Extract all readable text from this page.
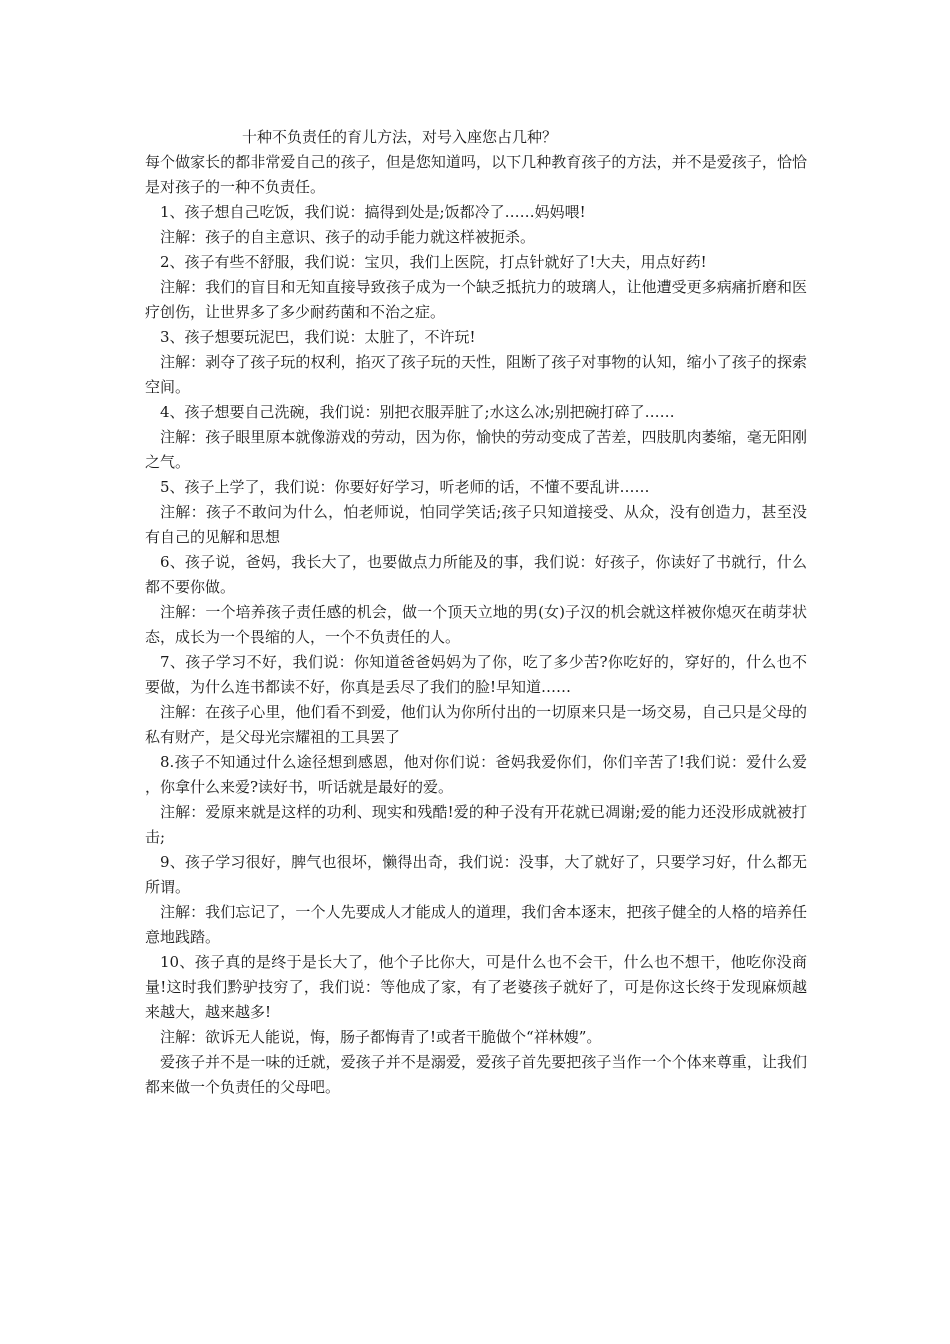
十种不负责任的育儿方法，对号入座您占几种？

每个做家长的都非常爱自己的孩子，但是您知道吗，以下几种教育孩子的方法，并不是爱孩子，恰恰是对孩子的一种不负责任。

1、孩子想自己吃饭，我们说：搞得到处是;饭都冷了……妈妈喂!

注解：孩子的自主意识、孩子的动手能力就这样被扼杀。

2、孩子有些不舒服，我们说：宝贝，我们上医院，打点针就好了!大夫，用点好药!

注解：我们的盲目和无知直接导致孩子成为一个缺乏抵抗力的玻璃人，让他遭受更多病痛折磨和医疗创伤，让世界多了多少耐药菌和不治之症。

3、孩子想要玩泥巴，我们说：太脏了，不许玩!

注解：剥夺了孩子玩的权利，掐灭了孩子玩的天性，阻断了孩子对事物的认知，缩小了孩子的探索空间。

4、孩子想要自己洗碗，我们说：别把衣服弄脏了;水这么冰;别把碗打碎了……

注解：孩子眼里原本就像游戏的劳动，因为你，愉快的劳动变成了苦差，四肢肌肉萎缩，毫无阳刚之气。

5、孩子上学了，我们说：你要好好学习，听老师的话，不懂不要乱讲……

注解：孩子不敢问为什么，怕老师说，怕同学笑话;孩子只知道接受、从众，没有创造力，甚至没有自己的见解和思想

6、孩子说，爸妈，我长大了，也要做点力所能及的事，我们说：好孩子，你读好了书就行，什么都不要你做。

注解：一个培养孩子责任感的机会，做一个顶天立地的男(女)子汉的机会就这样被你熄灭在萌芽状态，成长为一个畏缩的人，一个不负责任的人。

7、孩子学习不好，我们说：你知道爸爸妈妈为了你，吃了多少苦?你吃好的，穿好的，什么也不要做，为什么连书都读不好，你真是丢尽了我们的脸!早知道……

注解：在孩子心里，他们看不到爱，他们认为你所付出的一切原来只是一场交易，自己只是父母的私有财产，是父母光宗耀祖的工具罢了

8.孩子不知通过什么途径想到感恩，他对你们说：爸妈我爱你们，你们辛苦了!我们说：爱什么爱，你拿什么来爱?读好书，听话就是最好的爱。

注解：爱原来就是这样的功利、现实和残酷!爱的种子没有开花就已凋谢;爱的能力还没形成就被打击;

9、孩子学习很好，脾气也很坏，懒得出奇，我们说：没事，大了就好了，只要学习好，什么都无所谓。

注解：我们忘记了，一个人先要成人才能成人的道理，我们舍本逐末，把孩子健全的人格的培养任意地践踏。

10、孩子真的是终于是长大了，他个子比你大，可是什么也不会干，什么也不想干，他吃你没商量!这时我们黔驴技穷了，我们说：等他成了家，有了老婆孩子就好了，可是你这长终于发现麻烦越来越大，越来越多!

注解：欲诉无人能说，悔，肠子都悔青了!或者干脆做个“祥林嫂”。

爱孩子并不是一味的迁就，爱孩子并不是溺爱，爱孩子首先要把孩子当作一个个体来尊重，让我们都来做一个负责任的父母吧。
